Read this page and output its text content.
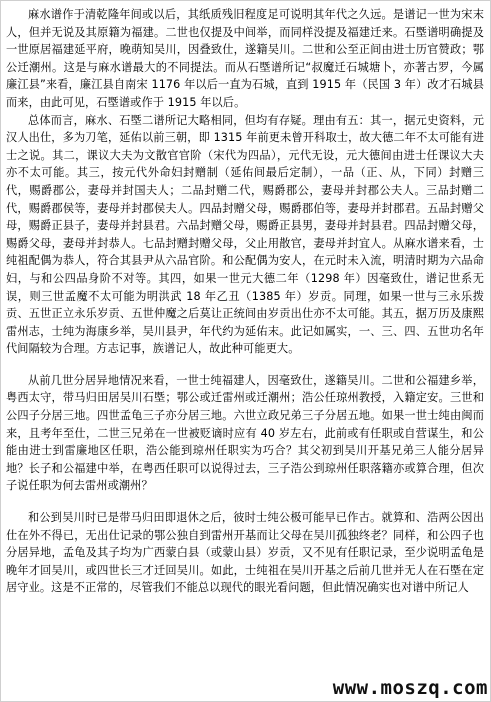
麻水谱作于清乾隆年间或以后，其纸质残旧程度足可说明其年代之久远。是谱记一世为宋末人，但并无说及其原籍为福建。二世也仅提及中间举，而同样没提及福建迁来。石塈谱明确提及一世原居福建延平府，晚萌知吴川，因叠致仕，遂籍吴川。二世和公至正间由进士历官赞政；鄂公迁潮州。这是与麻水谱最大的不同提法。而从石塈谱所记“叔魔迁石城塘卜，亦著古罗，今属廉江县”来看，廉江县自南宋 1176 年以后一直为石城，直到 1915 年（民国 3 年）改才石城县而来，由此可见，石塈谱或作于 1915 年以后。

总体而言，麻水、石塈二谱所记大略相同，但均有存疑。理由有五：其一，据元史资料，元汉人出仕，多为刀笔，延佑以前三朝，即 1315 年前更未曾开科取士，故大德二年不太可能有进士之说。其二，课议大夫为文散官官阶（宋代为四品），元代无设，元大德间由进士任课议大夫亦不太可能。其三，按元代外命妇封赠制（延佑间最后定制），一品（正、从，下同）封赠三代，赐爵郡公，妻母并封国夫人；二品封赠二代，赐爵郡公，妻母并封郡公夫人。三品封赠二代，赐爵郡侯等，妻母并封郡侯夫人。四品封赠父母，赐爵郡伯等，妻母并封郡君。五品封赠父母，赐爵正县子，妻母并封县君。六品封赠父母，赐爵正县男，妻母并封县君。四品封赠父母，赐爵父母，妻母并封恭人。七品封赠封赠父母，父止用散官，妻母并封宜人。从麻水谱来看，士纯祖配偶为恭人，符合其县尹从六品官阶。和公配偶为安人，在元时未入流，明清时期为六品命妇，与和公四品身阶不对等。其四，如果一世元大德二年（1298 年）因毫致仕，谱记世系无误，则三世孟魔不太可能为明洪武 18 年乙丑（1385 年）岁贡。同理，如果一世与三永乐拨贡、五世正立永乐岁贡、五世仲魔之后莫让正统间由岁贡出仕亦不太可能。其五，据万历及康熙雷州志，士纯为海康乡举，吴川县尹，年代约为延佑末。此记如属实，一、三、四、五世功名年代间隔较为合理。方志记事，族谱记人，故此种可能更大。

从前几世分居异地情况来看，一世士纯福建人，因毫致仕，遂籍吴川。二世和公福建乡举，粤西太守，带马归田居吴川石塈；鄂公或迁雷州或迁潮州；浩公任琼州教授，入籍定安。三世和公四子分居三地。四世孟龟三子亦分居三地。六世立政兄弟三子分居五地。如果一世士纯由闽而来，且考年至仕，二世三兄弟在一世被贬谪时应有 40 岁左右，此前或有任职或自营谋生，和公能由进士到雷廉地区任职，浩公能到琼州任职实为巧合？其父初到吴川开基兄弟三人能分居异地？长子和公福建中举，在粤西任职可以说得过去，三子浩公到琼州任职落籍亦或算合理，但次子说任职为何去雷州或潮州？

和公到吴川时已是带马归田即退休之后，彼时士纯公极可能早已作古。就算和、浩两公因出仕在外不得已，无出仕记录的鄂公独自到雷州开基而让父母在吴川孤独终老？同样，和公四子也分居异地，孟龟及其子均为广西蒙白县（或蒙山县）岁贡，又不见有任职记录，至少说明孟龟是晚年才回吴川，或四世长三才迁回吴川。如此，士纯祖在吴川开基之后前几世并无人在石塈在定居守业。这是不正常的，尽管我们不能总以现代的眼光看问题，但此情况确实也对谱中所记人

www.moszq.com
